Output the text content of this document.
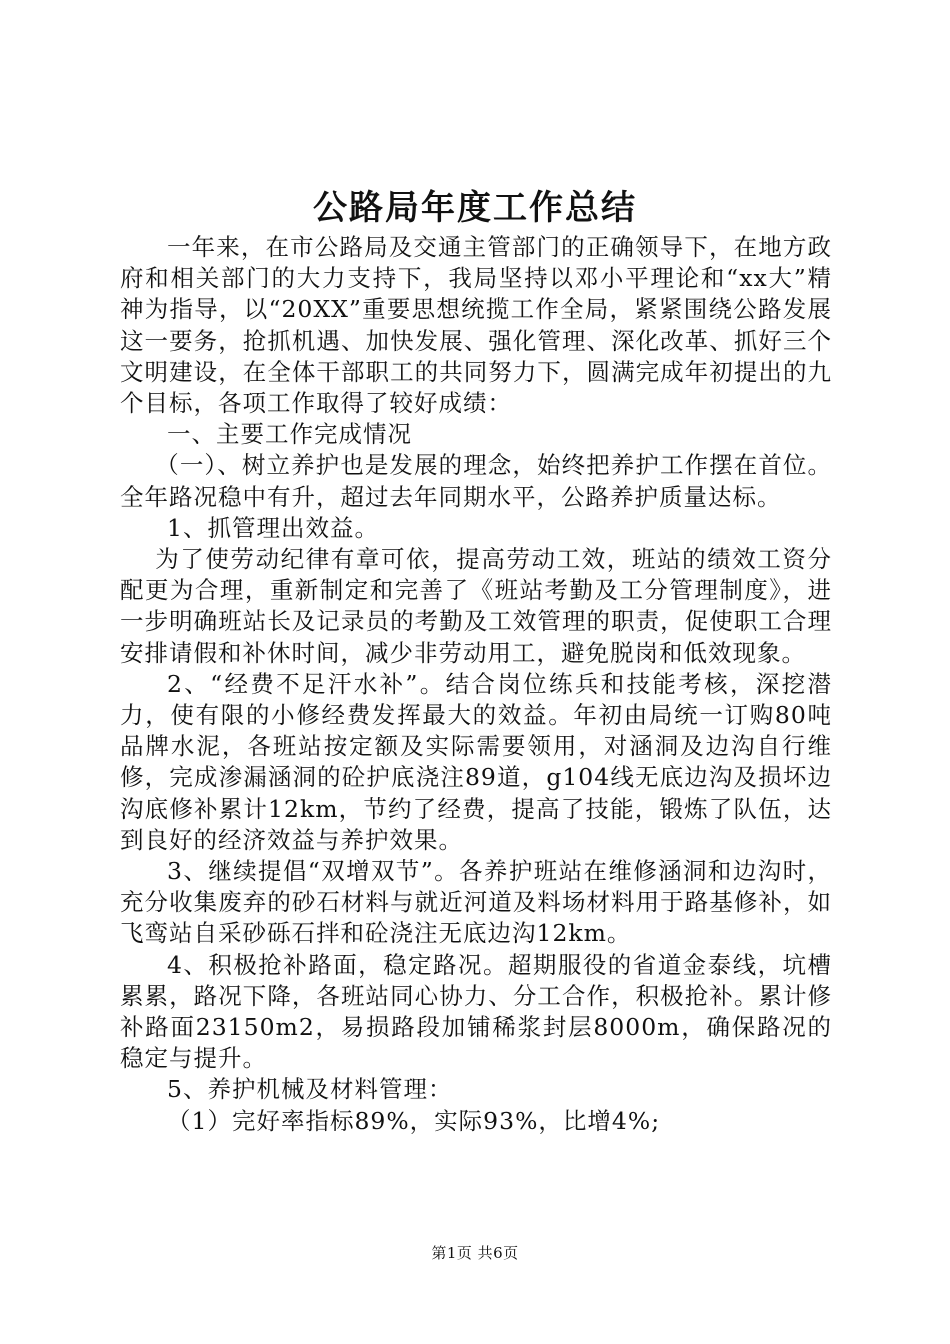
公路局年度工作总结

一年来，在市公路局及交通主管部门的正确领导下，在地方政府和相关部门的大力支持下，我局坚持以邓小平理论和“xx大”精神为指导，以“20XX”重要思想统揽工作全局，紧紧围绕公路发展这一要务，抢抓机遇、加快发展、强化管理、深化改革、抓好三个文明建设，在全体干部职工的共同努力下，圆满完成年初提出的九个目标，各项工作取得了较好成绩：

一、主要工作完成情况

（一）、树立养护也是发展的理念，始终把养护工作摆在首位。全年路况稳中有升，超过去年同期水平，公路养护质量达标。

1、抓管理出效益。

为了使劳动纪律有章可依，提高劳动工效，班站的绩效工资分配更为合理，重新制定和完善了《班站考勤及工分管理制度》，进一步明确班站长及记录员的考勤及工效管理的职责，促使职工合理安排请假和补休时间，减少非劳动用工，避免脱岗和低效现象。

2、“经费不足汗水补”。结合岗位练兵和技能考核，深挖潜力，使有限的小修经费发挥最大的效益。年初由局统一订购80吨品牌水泥，各班站按定额及实际需要领用，对涵洞及边沟自行维修，完成渗漏涵洞的砼护底浇注89道，g104线无底边沟及损坏边沟底修补累计12km，节约了经费，提高了技能，锻炼了队伍，达到良好的经济效益与养护效果。

3、继续提倡“双增双节”。各养护班站在维修涵洞和边沟时，充分收集废弃的砂石材料与就近河道及料场材料用于路基修补，如飞鸾站自采砂砾石拌和砼浇注无底边沟12km。

4、积极抢补路面，稳定路况。超期服役的省道金泰线，坑槽累累，路况下降，各班站同心协力、分工合作，积极抢补。累计修补路面23150m2，易损路段加铺稀浆封层8000m，确保路况的稳定与提升。

5、养护机械及材料管理：

（1）完好率指标89%，实际93%，比增4%;

第1页 共6页
